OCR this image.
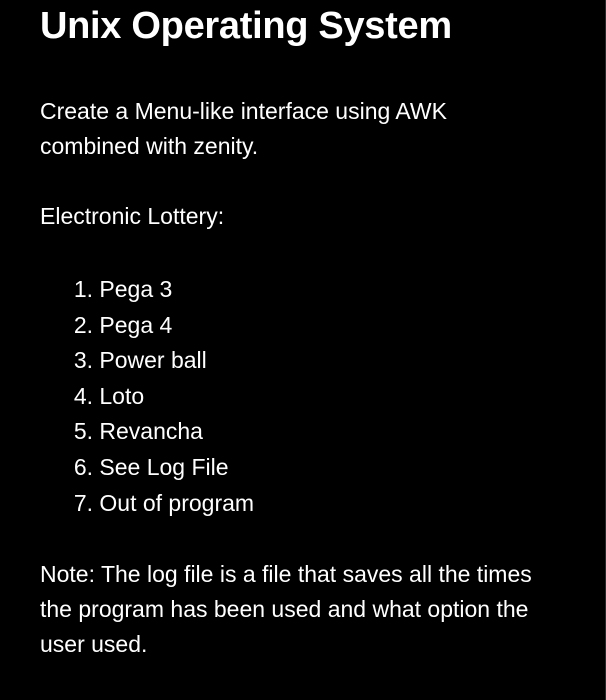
Unix Operating System

Create a Menu-like interface using AWK combined with zenity.

Electronic Lottery:

1. Pega 3
2. Pega 4
3. Power ball
4. Loto
5. Revancha
6. See Log File
7. Out of program

Note: The log file is a file that saves all the times the program has been used and what option the user used.
